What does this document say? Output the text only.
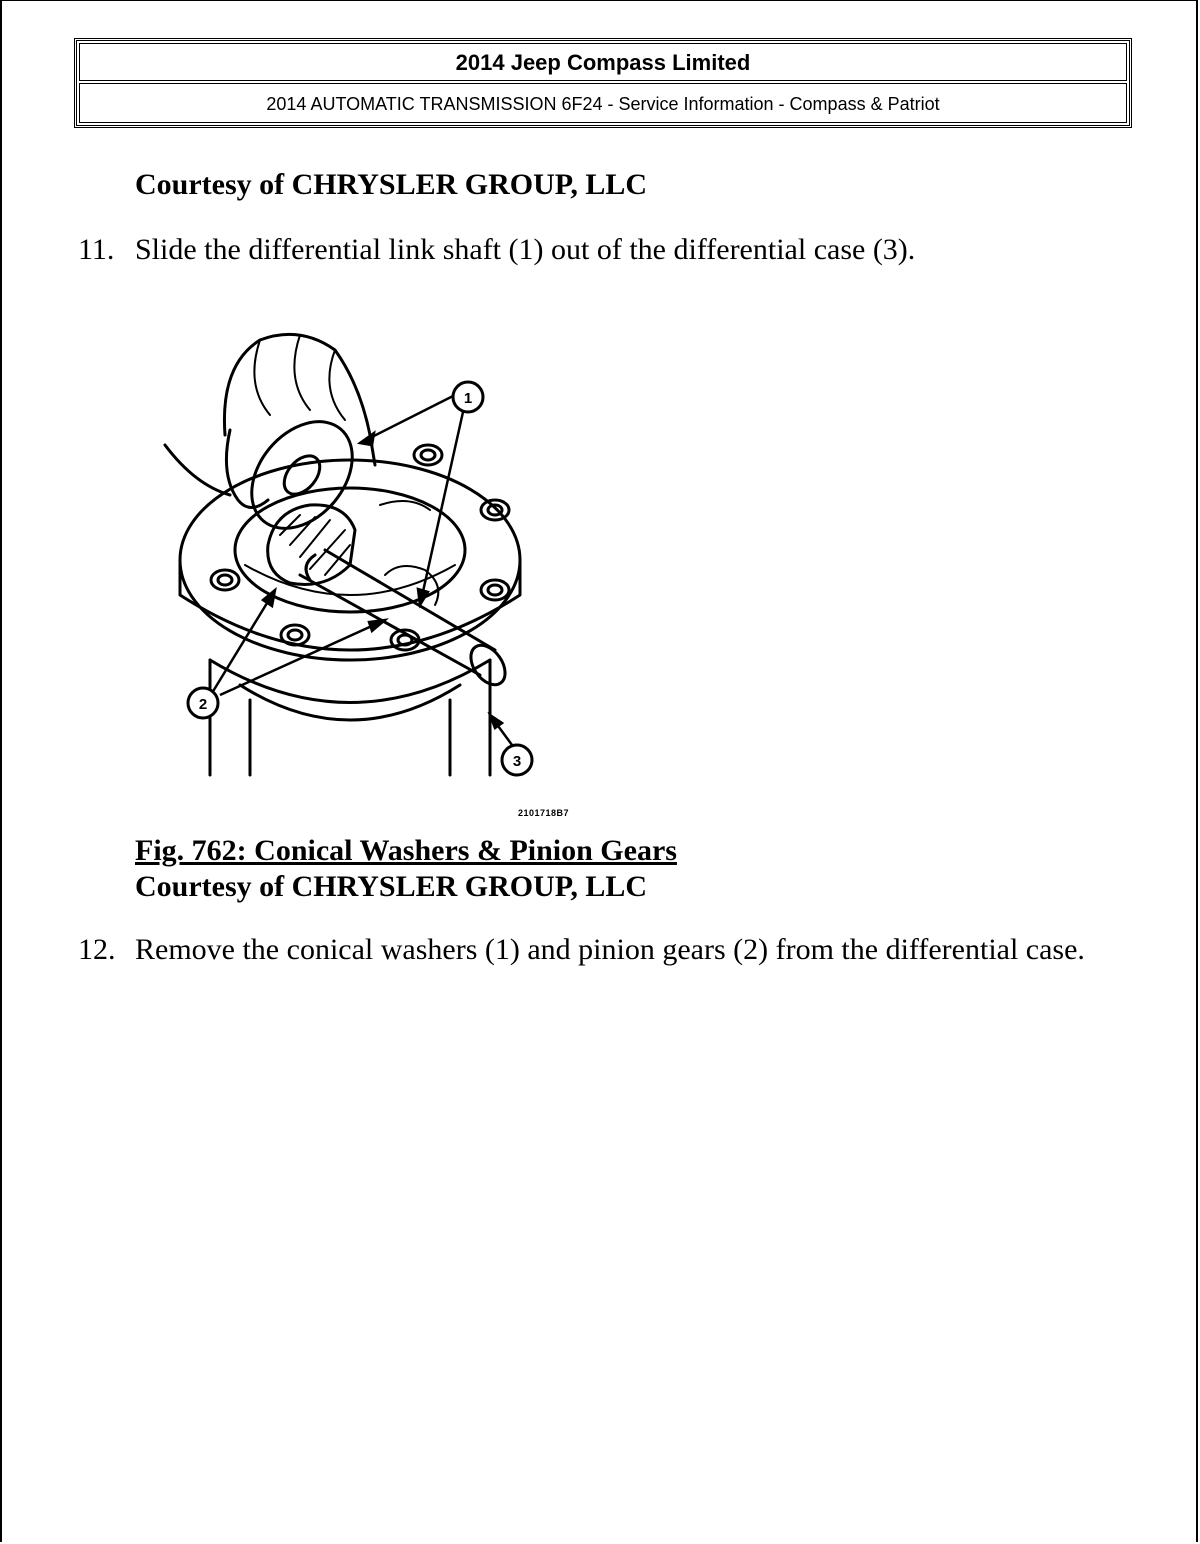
2014 Jeep Compass Limited
2014 AUTOMATIC TRANSMISSION 6F24 - Service Information - Compass & Patriot
Courtesy of CHRYSLER GROUP, LLC
11. Slide the differential link shaft (1) out of the differential case (3).
1
2
3
2101718B7
Fig. 762: Conical Washers & Pinion Gears
Courtesy of CHRYSLER GROUP, LLC
12. Remove the conical washers (1) and pinion gears (2) from the differential case.
